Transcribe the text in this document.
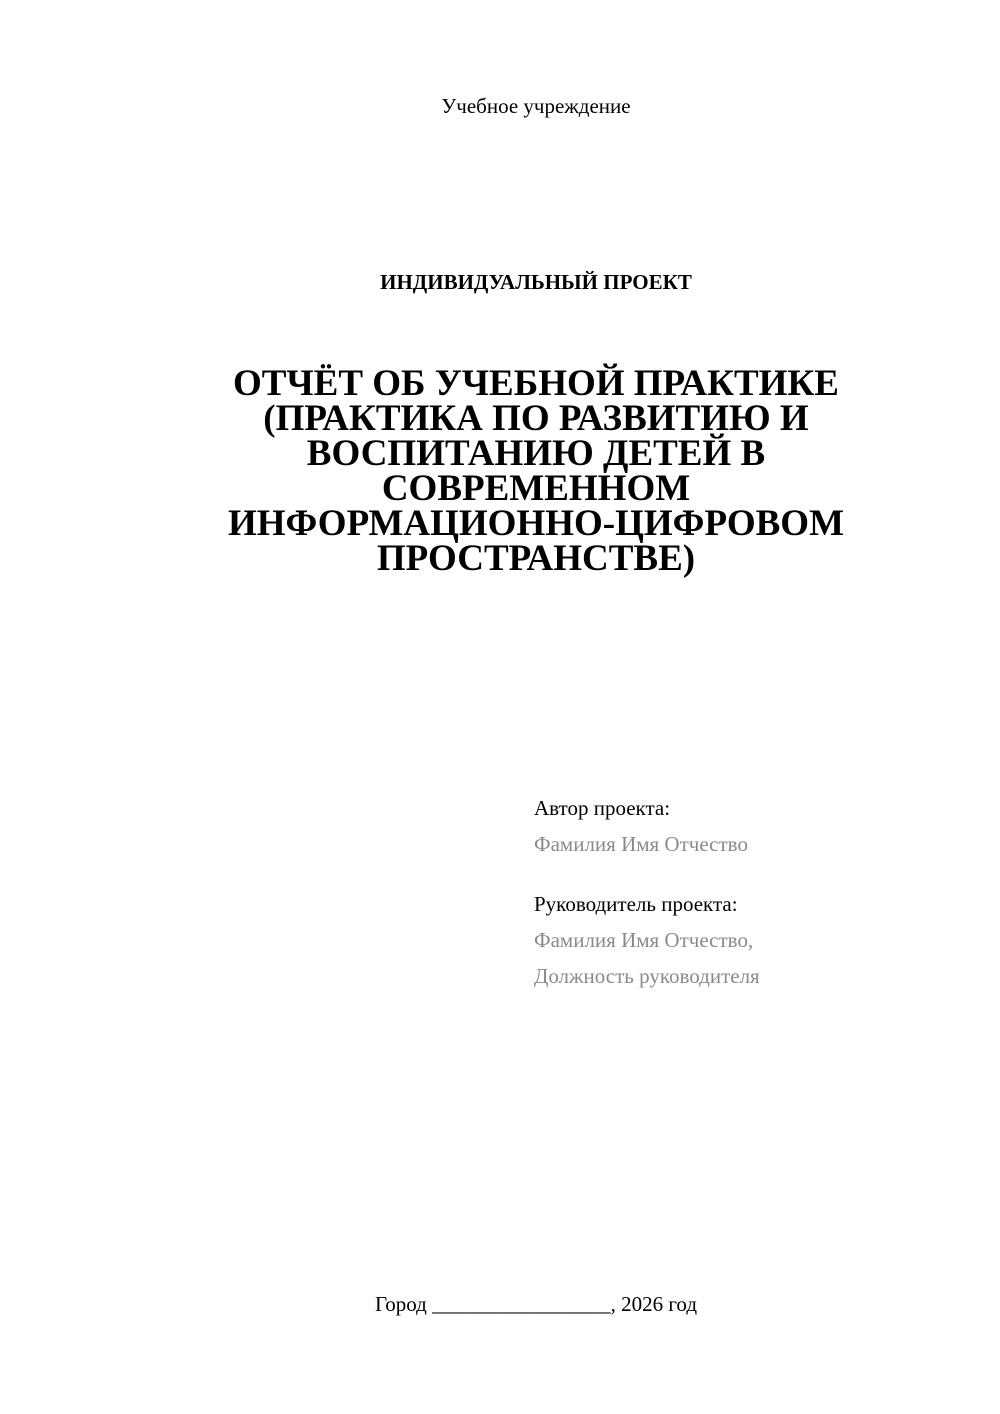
Учебное учреждение
ИНДИВИДУАЛЬНЫЙ ПРОЕКТ
ОТЧЁТ ОБ УЧЕБНОЙ ПРАКТИКЕ
(ПРАКТИКА ПО РАЗВИТИЮ И
ВОСПИТАНИЮ ДЕТЕЙ В
СОВРЕМЕННОМ
ИНФОРМАЦИОННО-ЦИФРОВОМ
ПРОСТРАНСТВЕ)
Автор проекта:
Фамилия Имя Отчество
Руководитель проекта:
Фамилия Имя Отчество,
Должность руководителя
Город _________________, 2026 год
